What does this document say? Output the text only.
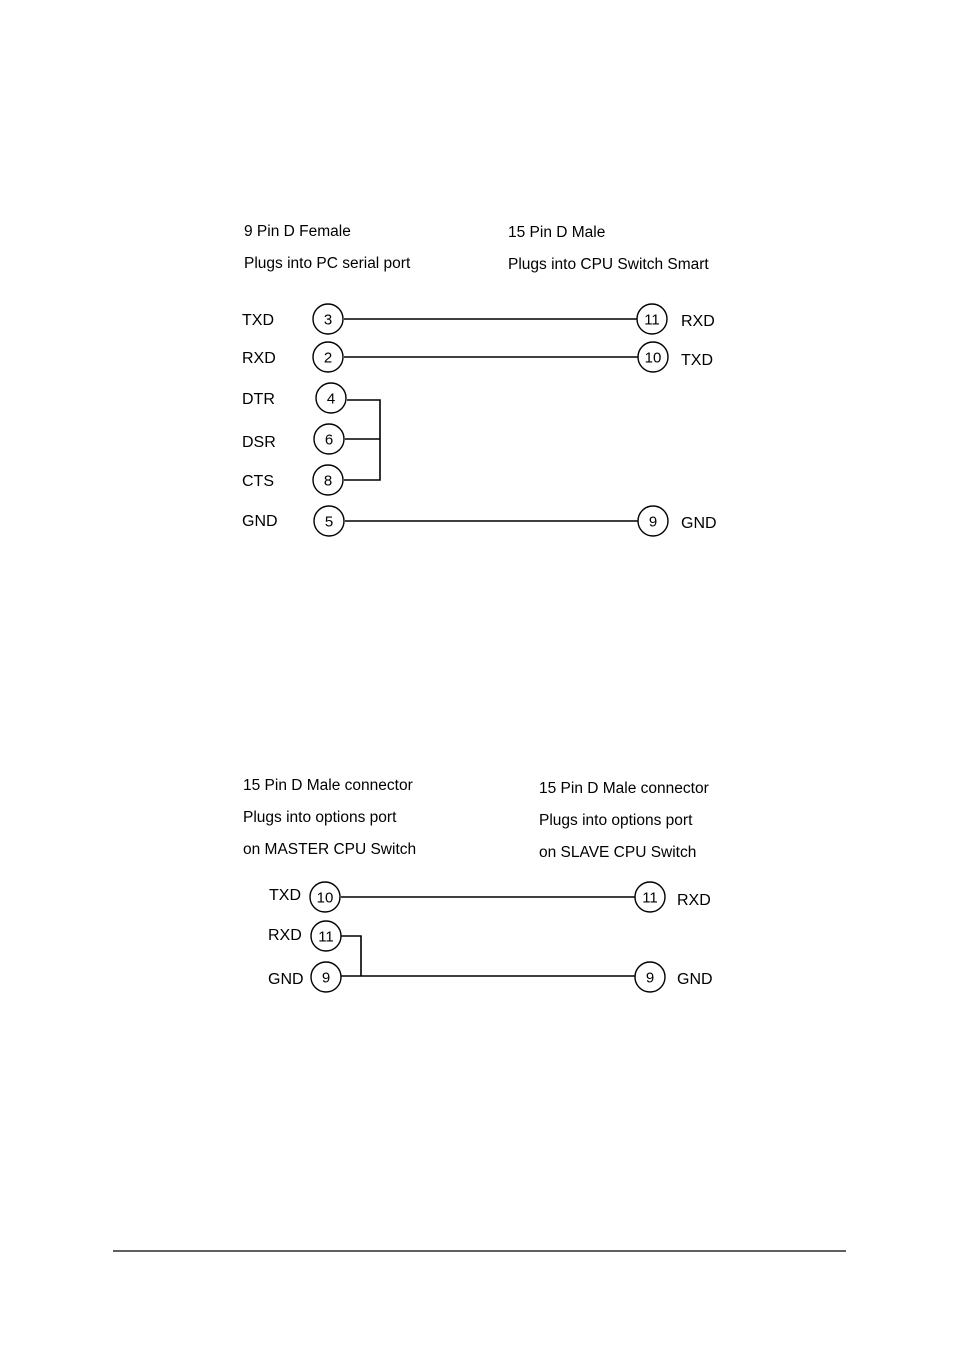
9 Pin D Female
Plugs into PC serial port
15 Pin D Male
Plugs into CPU Switch Smart
TXD
RXD
DTR
DSR
CTS
GND
3
2
4
6
8
5
11
10
9
RXD
TXD
GND
15 Pin D Male connector
Plugs into options port
on MASTER CPU Switch
15 Pin D Male connector
Plugs into options port
on SLAVE CPU Switch
TXD
RXD
GND
10
11
9
11
9
RXD
GND
